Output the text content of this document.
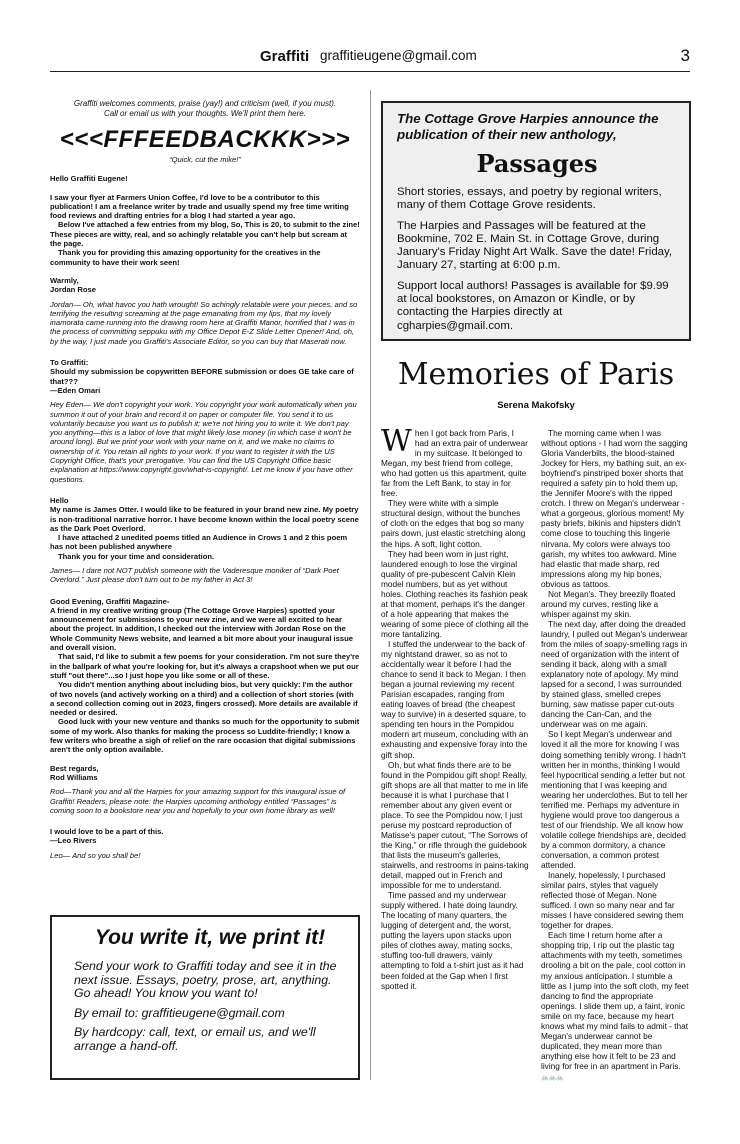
Graffiti graffitieugene@gmail.com	3
Graffiti welcomes comments, praise (yay!) and criticism (well, if you must).
Call or email us with your thoughts. We'll print them here.
<<<FFFEEDBACKKK>>>
“Quick, cut the mike!”

Hello Graffiti Eugene!

I saw your flyer at Farmers Union Coffee, I'd love to be a contributor to this publication! I am a freelance writer by trade and usually spend my free time writing food reviews and drafting entries for a blog I had started a year ago.

Below I've attached a few entries from my blog, So, This is 20, to submit to the zine! These pieces are witty, real, and so achingly relatable you can't help but scream at the page.

Thank you for providing this amazing opportunity for the creatives in the community to have their work seen!

Warmly,

Jordan Rose

Jordan— Oh, what havoc you hath wrought! So achingly relatable were your pieces, and so terrifying the resulting screaming at the page emanating from my lips, that my lovely inamorata came running into the drawing room here at Graffiti Manor, horrified that I was in the process of committing seppuku with my Office Depot E-Z Slide Letter Opener! And, oh, by the way, I just made you Graffiti's Associate Editor, so you can buy that Maserati now.

To Graffiti:

Should my submission be copywritten BEFORE submission or does GE take care of that???

—Eden Omari

Hey Eden— We don't copyright your work. You copyright your work automatically when you summon it out of your brain and record it on paper or computer file. You send it to us voluntarily because you want us to publish it; we're not hiring you to write it. We don't pay you anything—this is a labor of love that might likely lose money (in which case it won't be around long). But we print your work with your name on it, and we make no claims to ownership of it. You retain all rights to your work. If you want to register it with the US Copyright Office, that's your prerogative. You can find the US Copyright Office basic explanation at https://www.copyright.gov/what-is-copyright/. Let me know if you have other questions.

Hello

My name is James Otter. I would like to be featured in your brand new zine. My poetry is non-traditional narrative horror. I have become known within the local poetry scene as the Dark Poet Overlord.

I have attached 2 unedited poems titled an Audience in Crows 1 and 2 this poem has not been published anywhere

Thank you for your time and consideration.

James— I dare not NOT publish someone with the Vaderesque moniker of “Dark Poet Overlord.” Just please don't turn out to be my father in Act 3!

Good Evening, Graffiti Magazine-

A friend in my creative writing group (The Cottage Grove Harpies) spotted your announcement for submissions to your new zine, and we were all excited to hear about the project. In addition, I checked out the interview with Jordan Rose on the Whole Community News website, and learned a bit more about your inaugural issue and overall vision.

That said, I'd like to submit a few poems for your consideration. I'm not sure they're in the ballpark of what you're looking for, but it's always a crapshoot when we put our stuff "out there"...so I just hope you like some or all of these.

You didn't mention anything about including bios, but very quickly: I'm the author of two novels (and actively working on a third) and a collection of short stories (with a second collection coming out in 2023, fingers crossed). More details are available if needed or desired.

Good luck with your new venture and thanks so much for the opportunity to submit some of my work. Also thanks for making the process so Luddite-friendly; I know a few writers who breathe a sigh of relief on the rare occasion that digital submissions aren't the only option available.

Best regards,

Rod Williams

Rod—Thank you and all the Harpies for your amazing support for this inaugural issue of Graffiti! Readers, please note: the Harpies upcoming anthology entitled “Passages” is coming soon to a bookstore near you and hopefully to your own home library as well!

I would love to be a part of this.

—Leo Rivers

Leo— And so you shall be!
You write it, we print it!

Send your work to Graffiti today and see it in the next issue. Essays, poetry, prose, art, anything. Go ahead! You know you want to!

By email to: graffitieugene@gmail.com

By hardcopy: call, text, or email us, and we'll arrange a hand-off.

The Cottage Grove Harpies announce the publication of their new anthology,
Passages

Short stories, essays, and poetry by regional writers, many of them Cottage Grove residents.

The Harpies and Passages will be featured at the Bookmine, 702 E. Main St. in Cottage Grove, during January's Friday Night Art Walk. Save the date! Friday, January 27, starting at 6:00 p.m.

Support local authors! Passages is available for $9.99 at local bookstores, on Amazon or Kindle, or by contacting the Harpies directly at cgharpies@gmail.com.

Memories of Paris
Serena Makofsky

When I got back from Paris, I had an extra pair of underwear in my suitcase. It belonged to Megan, my best friend from college, who had gotten us this apartment, quite far from the Left Bank, to stay in for free.

They were white with a simple structural design, without the bunches of cloth on the edges that bog so many pairs down, just elastic stretching along the hips. A soft, light cotton.

They had been worn in just right, laundered enough to lose the virginal quality of pre-pubescent Calvin Klein model numbers, but as yet without holes. Clothing reaches its fashion peak at that moment, perhaps it's the danger of a hole appearing that makes the wearing of some piece of clothing all the more tantalizing.

I stuffed the underwear to the back of my nightstand drawer, so as not to accidentally wear it before I had the chance to send it back to Megan. I then began a journal reviewing my recent Parisian escapades, ranging from eating loaves of bread (the cheapest way to survive) in a deserted square, to spending ten hours in the Pompidou modern art museum, concluding with an exhausting and expensive foray into the gift shop.

Oh, but what finds there are to be found in the Pompidou gift shop! Really, gift shops are all that matter to me in life because it is what I purchase that I remember about any given event or place. To see the Pompidou now, I just peruse my postcard reproduction of Matisse's paper cutout, “The Sorrows of the King,” or rifle through the guidebook that lists the museum's galleries, stairwells, and restrooms in pains-taking detail, mapped out in French and impossible for me to understand.

Time passed and my underwear supply withered. I hate doing laundry. The locating of many quarters, the lugging of detergent and, the worst, putting the layers upon stacks upon piles of clothes away, mating socks, stuffing too-full drawers, vainly attempting to fold a t-shirt just as it had been folded at the Gap when I first spotted it.

The morning came when I was without options - I had worn the sagging Gloria Vanderbilts, the blood-stained Jockey for Hers, my bathing suit, an ex-boyfriend's pinstriped boxer shorts that required a safety pin to hold them up, the Jennifer Moore's with the ripped crotch. I threw on Megan's underwear - what a gorgeous, glorious moment! My pasty briefs, bikinis and hipsters didn't come close to touching this lingerie nirvana. My colors were always too garish, my whites too awkward. Mine had elastic that made sharp, red impressions along my hip bones, obvious as tattoos.

Not Megan's. They breezily floated around my curves, resting like a whisper against my skin.

The next day, after doing the dreaded laundry, I pulled out Megan's underwear from the miles of soapy-smelling rags in need of organization with the intent of sending it back, along with a small explanatory note of apology. My mind lapsed for a second, I was surrounded by stained glass, smelled crepes burning, saw matisse paper cut-outs dancing the Can-Can, and the underwear was on me again.

So I kept Megan's underwear and loved it all the more for knowing I was doing something terribly wrong. I hadn't written her in months, thinking I would feel hypocritical sending a letter but not mentioning that I was keeping and wearing her underclothes. But to tell her terrified me. Perhaps my adventure in hygiene would prove too dangerous a test of our friendship. We all know how volatile college friendships are, decided by a common dormitory, a chance conversation, a common protest attended.

Inanely, hopelessly, I purchased similar pairs, styles that vaguely reflected those of Megan. None sufficed. I own so many near and far misses I have considered sewing them together for drapes.

Each time I return home after a shopping trip, I rip out the plastic tag attachments with my teeth, sometimes drooling a bit on the pale, cool cotton in my anxious anticipation. I stumble a little as I jump into the soft cloth, my feet dancing to find the appropriate openings. I slide them up, a faint, ironic smile on my face, because my heart knows what my mind fails to admit - that Megan's underwear cannot be duplicated, they mean more than anything else how it felt to be 23 and living for free in an apartment in Paris. 🚲🚲🚲
